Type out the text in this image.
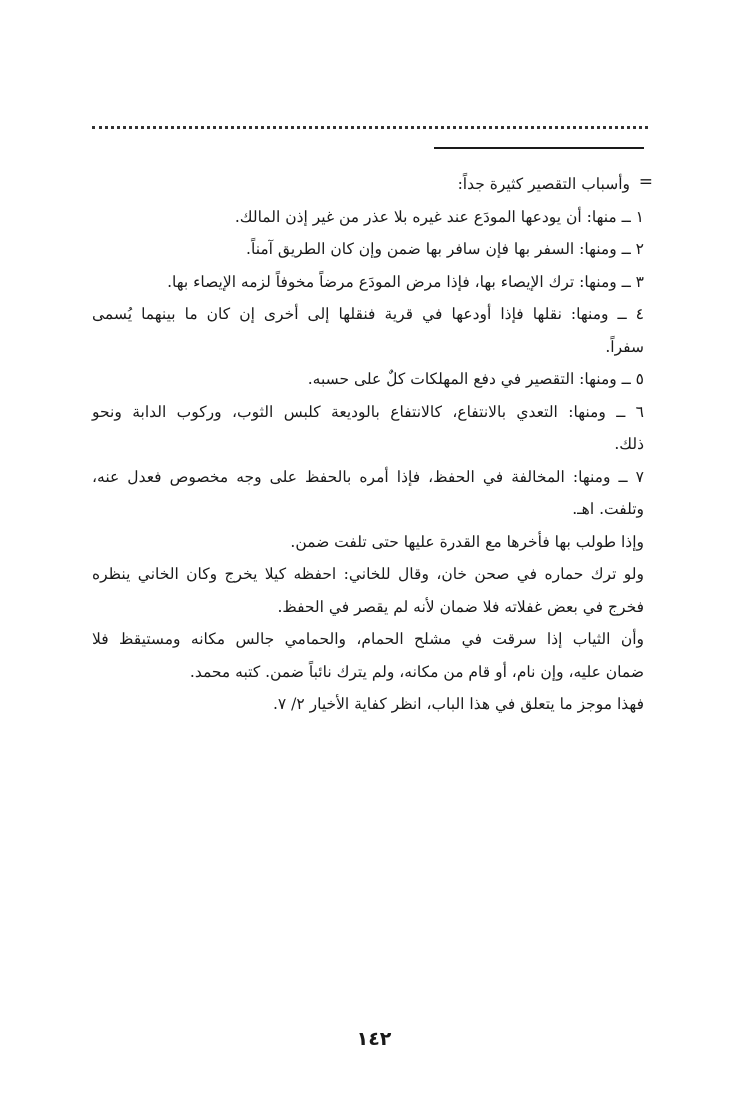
=

وأسباب التقصير كثيرة جداً:

١ ــ منها: أن يودعها المودَع عند غيره بلا عذر من غير إذن المالك.

٢ ــ ومنها: السفر بها فإن سافر بها ضمن وإن كان الطريق آمناً.

٣ ــ ومنها: ترك الإيصاء بها، فإذا مرض المودَع مرضاً مخوفاً لزمه الإيصاء بها.

٤ ــ ومنها: نقلها فإذا أودعها في قرية فنقلها إلى أخرى إن كان ما بينهما يُسمى

سفراً.

٥ ــ ومنها: التقصير في دفع المهلكات كلٌ على حسبه.

٦ ــ ومنها: التعدي بالانتفاع، كالانتفاع بالوديعة كلبس الثوب، وركوب الدابة ونحو

ذلك.

٧ ــ ومنها: المخالفة في الحفظ، فإذا أمره بالحفظ على وجه مخصوص فعدل عنه،

وتلفت. اهـ.

وإذا طولب بها فأخرها مع القدرة عليها حتى تلفت ضمن.

ولو ترك حماره في صحن خان، وقال للخاني: احفظه كيلا يخرج وكان الخاني ينظره

فخرج في بعض غفلاته فلا ضمان لأنه لم يقصر في الحفظ.

وأن الثياب إذا سرقت في مشلح الحمام، والحمامي جالس مكانه ومستيقظ فلا

ضمان عليه، وإن نام، أو قام من مكانه، ولم يترك نائباً ضمن. كتبه محمد.

فهذا موجز ما يتعلق في هذا الباب، انظر كفاية الأخيار ٢/ ٧.

١٤٢
